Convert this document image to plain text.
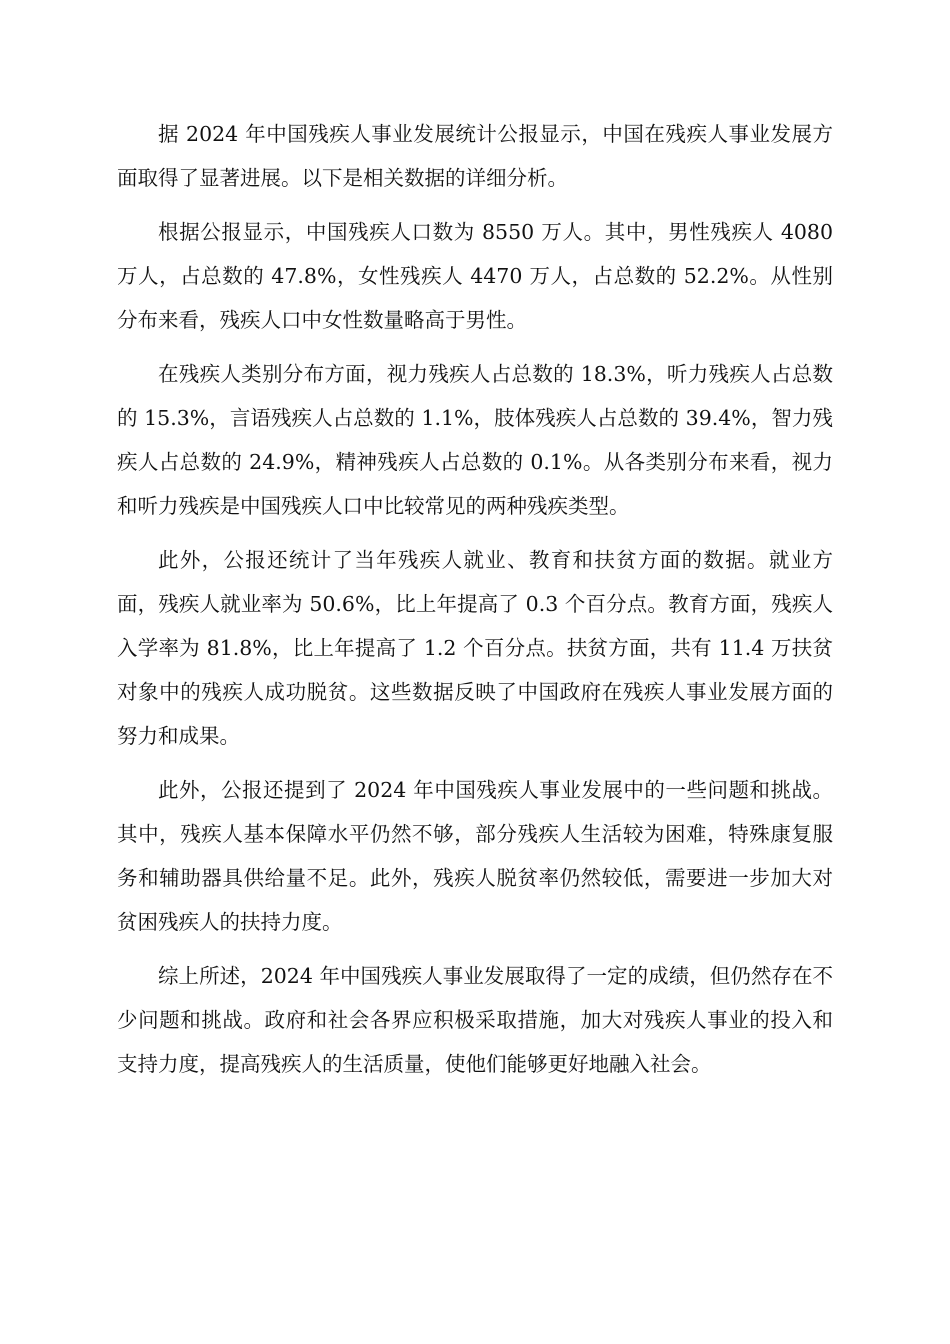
据 2024 年中国残疾人事业发展统计公报显示，中国在残疾人事业发展方面取得了显著进展。以下是相关数据的详细分析。

根据公报显示，中国残疾人口数为 8550 万人。其中，男性残疾人 4080 万人，占总数的 47.8%，女性残疾人 4470 万人，占总数的 52.2%。从性别分布来看，残疾人口中女性数量略高于男性。

在残疾人类别分布方面，视力残疾人占总数的 18.3%，听力残疾人占总数的 15.3%，言语残疾人占总数的 1.1%，肢体残疾人占总数的 39.4%，智力残疾人占总数的 24.9%，精神残疾人占总数的 0.1%。从各类别分布来看，视力和听力残疾是中国残疾人口中比较常见的两种残疾类型。

此外，公报还统计了当年残疾人就业、教育和扶贫方面的数据。就业方面，残疾人就业率为 50.6%，比上年提高了 0.3 个百分点。教育方面，残疾人入学率为 81.8%，比上年提高了 1.2 个百分点。扶贫方面，共有 11.4 万扶贫对象中的残疾人成功脱贫。这些数据反映了中国政府在残疾人事业发展方面的努力和成果。

此外，公报还提到了 2024 年中国残疾人事业发展中的一些问题和挑战。其中，残疾人基本保障水平仍然不够，部分残疾人生活较为困难，特殊康复服务和辅助器具供给量不足。此外，残疾人脱贫率仍然较低，需要进一步加大对贫困残疾人的扶持力度。

综上所述，2024 年中国残疾人事业发展取得了一定的成绩，但仍然存在不少问题和挑战。政府和社会各界应积极采取措施，加大对残疾人事业的投入和支持力度，提高残疾人的生活质量，使他们能够更好地融入社会。
